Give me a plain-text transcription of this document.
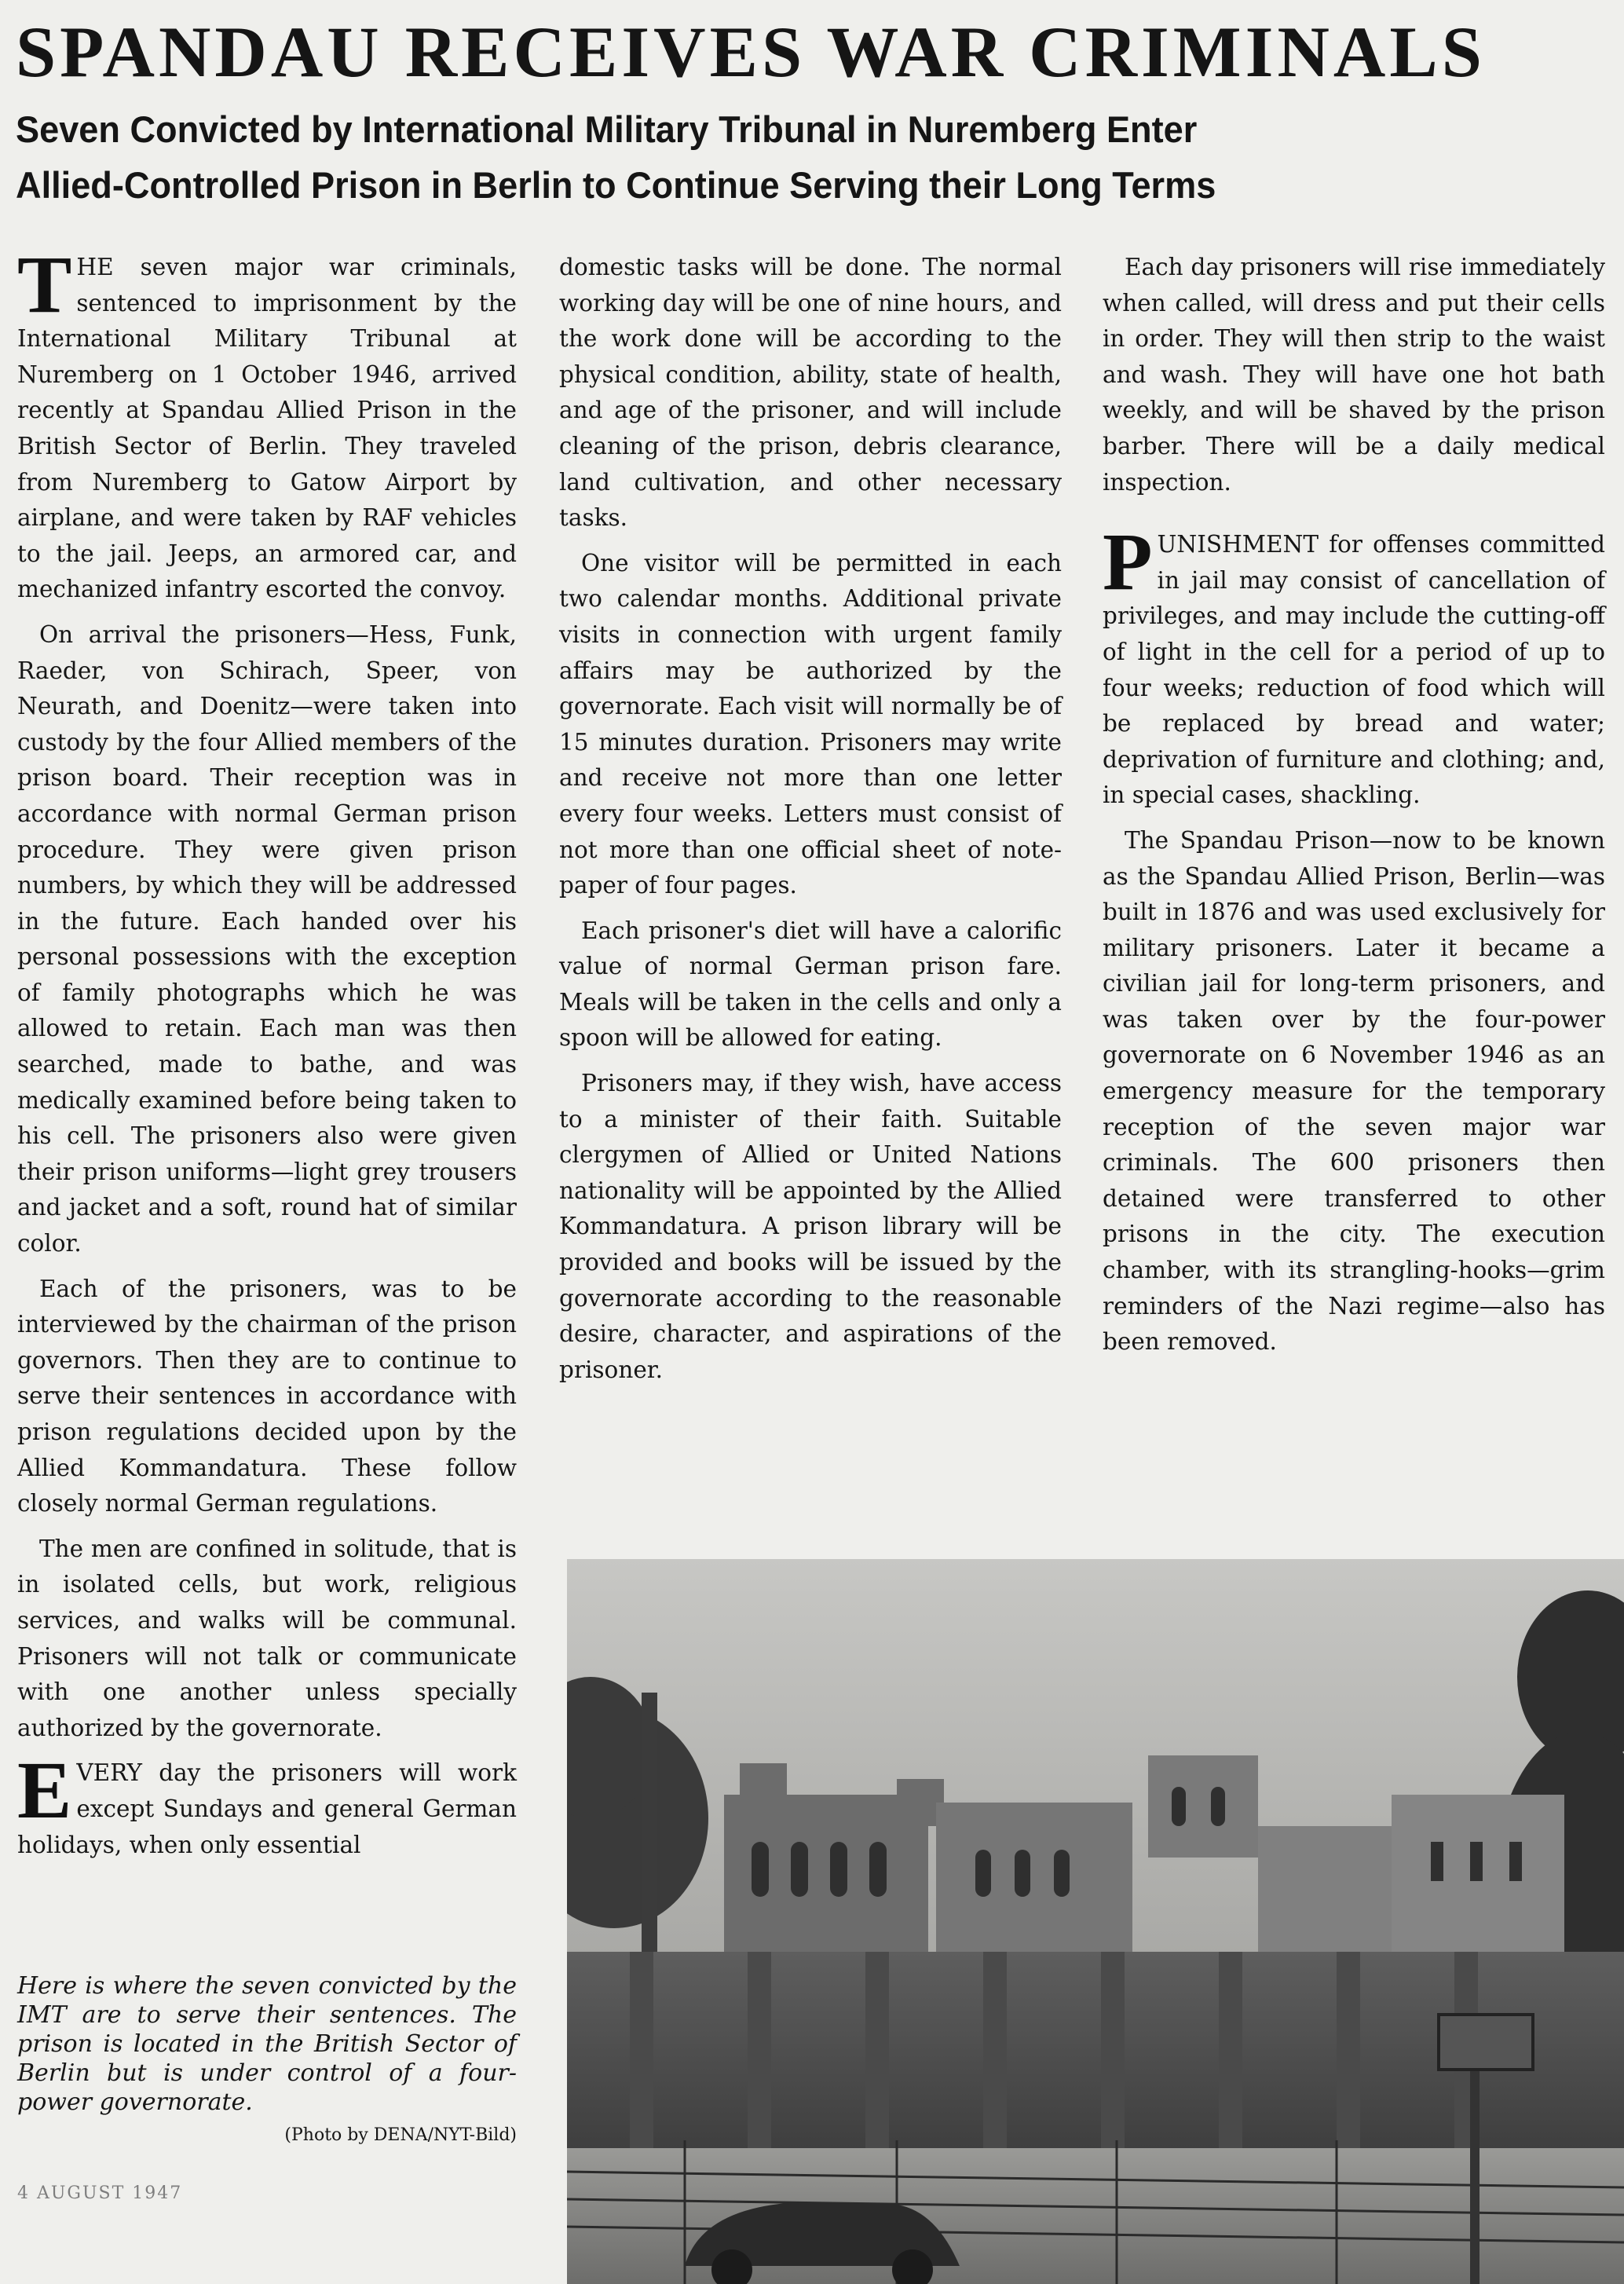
SPANDAU RECEIVES WAR CRIMINALS
Seven Convicted by International Military Tribunal in Nuremberg Enter
Allied-Controlled Prison in Berlin to Continue Serving their Long Terms

THE seven major war criminals, sentenced to imprisonment by the International Military Tribunal at Nuremberg on 1 October 1946, arrived recently at Spandau Allied Prison in the British Sector of Berlin. They traveled from Nuremberg to Gatow Airport by airplane, and were taken by RAF vehicles to the jail. Jeeps, an armored car, and mechanized infantry escorted the convoy.

On arrival the prisoners—Hess, Funk, Raeder, von Schirach, Speer, von Neurath, and Doenitz—were taken into custody by the four Allied members of the prison board. Their reception was in accordance with normal German prison procedure. They were given prison numbers, by which they will be addressed in the future. Each handed over his personal possessions with the exception of family photographs which he was allowed to retain. Each man was then searched, made to bathe, and was medically examined before being taken to his cell. The prisoners also were given their prison uniforms—light grey trousers and jacket and a soft, round hat of similar color.

Each of the prisoners, was to be interviewed by the chairman of the prison governors. Then they are to continue to serve their sentences in accordance with prison regulations decided upon by the Allied Kommandatura. These follow closely normal German regulations.

The men are confined in solitude, that is in isolated cells, but work, religious services, and walks will be communal. Prisoners will not talk or communicate with one another unless specially authorized by the governorate.

EVERY day the prisoners will work except Sundays and general German holidays, when only essential

domestic tasks will be done. The normal working day will be one of nine hours, and the work done will be according to the physical condition, ability, state of health, and age of the prisoner, and will include cleaning of the prison, debris clearance, land cultivation, and other necessary tasks.

One visitor will be permitted in each two calendar months. Additional private visits in connection with urgent family affairs may be authorized by the governorate. Each visit will normally be of 15 minutes duration. Prisoners may write and receive not more than one letter every four weeks. Letters must consist of not more than one official sheet of note-paper of four pages.

Each prisoner's diet will have a calorific value of normal German prison fare. Meals will be taken in the cells and only a spoon will be allowed for eating.

Prisoners may, if they wish, have access to a minister of their faith. Suitable clergymen of Allied or United Nations nationality will be appointed by the Allied Kommandatura. A prison library will be provided and books will be issued by the governorate according to the reasonable desire, character, and aspirations of the prisoner.

Each day prisoners will rise immediately when called, will dress and put their cells in order. They will then strip to the waist and wash. They will have one hot bath weekly, and will be shaved by the prison barber. There will be a daily medical inspection.

PUNISHMENT for offenses committed in jail may consist of cancellation of privileges, and may include the cutting-off of light in the cell for a period of up to four weeks; reduction of food which will be replaced by bread and water; deprivation of furniture and clothing; and, in special cases, shackling.

The Spandau Prison—now to be known as the Spandau Allied Prison, Berlin—was built in 1876 and was used exclusively for military prisoners. Later it became a civilian jail for long-term prisoners, and was taken over by the four-power governorate on 6 November 1946 as an emergency measure for the temporary reception of the seven major war criminals. The 600 prisoners then detained were transferred to other prisons in the city. The execution chamber, with its strangling-hooks—grim reminders of the Nazi regime—also has been removed.

Here is where the seven convicted by the IMT are to serve their sentences. The prison is located in the British Sector of Berlin but is under control of a four-power governorate.

(Photo by DENA/NYT-Bild)

4 AUGUST 1947
